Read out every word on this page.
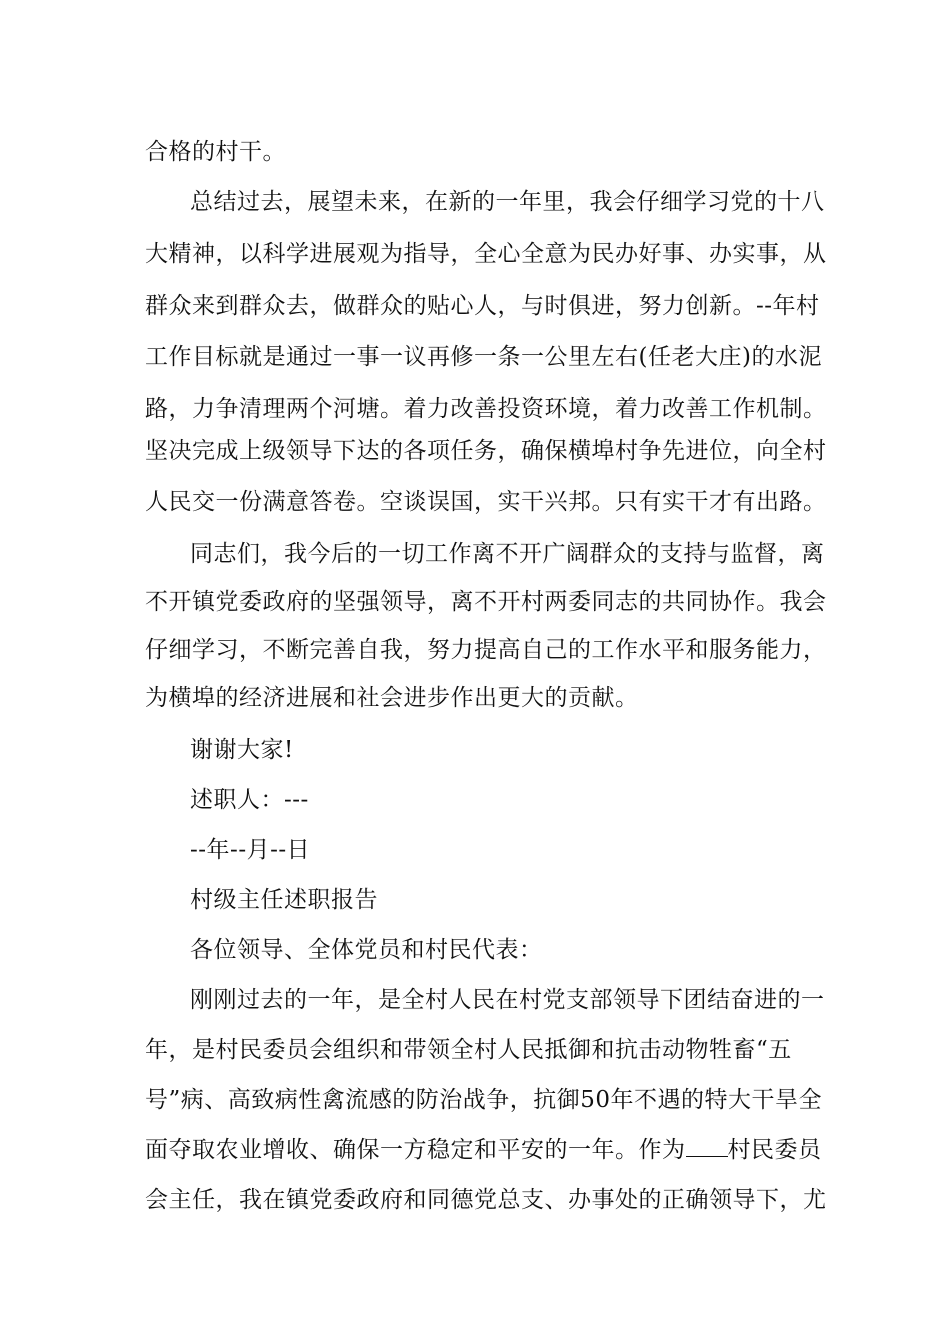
合格的村干。
总结过去，展望未来，在新的一年里，我会仔细学习党的十八
大精神，以科学进展观为指导，全心全意为民办好事、办实事，从
群众来到群众去，做群众的贴心人，与时俱进，努力创新。--年村
工作目标就是通过一事一议再修一条一公里左右(任老大庄)的水泥
路，力争清理两个河塘。着力改善投资环境，着力改善工作机制。
坚决完成上级领导下达的各项任务，确保横埠村争先进位，向全村
人民交一份满意答卷。空谈误国，实干兴邦。只有实干才有出路。
同志们，我今后的一切工作离不开广阔群众的支持与监督，离
不开镇党委政府的坚强领导，离不开村两委同志的共同协作。我会
仔细学习，不断完善自我，努力提高自己的工作水平和服务能力，
为横埠的经济进展和社会进步作出更大的贡献。
谢谢大家!
述职人：---
--年--月--日
村级主任述职报告
各位领导、全体党员和村民代表：
刚刚过去的一年，是全村人民在村党支部领导下团结奋进的一
年，是村民委员会组织和带领全村人民抵御和抗击动物牲畜“五
号”病、高致病性禽流感的防治战争，抗御50年不遇的特大干旱全
面夺取农业增收、确保一方稳定和平安的一年。作为 村民委员
会主任，我在镇党委政府和同德党总支、办事处的正确领导下，尤
